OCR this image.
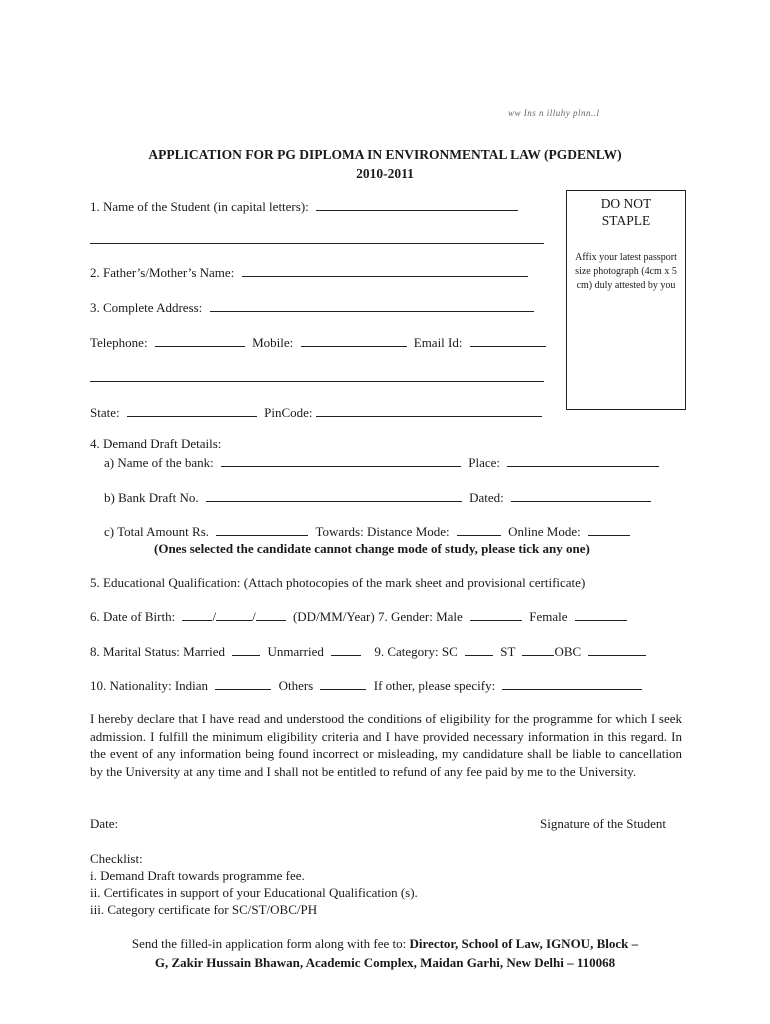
ww Ins n illuhy plnn..l
APPLICATION FOR PG DIPLOMA IN ENVIRONMENTAL LAW (PGDENLW)
2010-2011
DO NOT
STAPLE
Affix your latest passport size photograph (4cm x 5 cm) duly attested by you
1. Name of the Student (in capital letters):
2. Father’s/Mother’s Name:
3. Complete Address:
Telephone:	Mobile:	Email Id:
State:	PinCode:
4. Demand Draft Details:
a) Name of the bank:	Place:
b) Bank Draft No.	Dated:
c) Total Amount Rs.	Towards: Distance Mode:	Online Mode:
(Ones selected the candidate cannot change mode of study, please tick any one)
5. Educational Qualification: (Attach photocopies of the mark sheet and provisional certificate)
6. Date of Birth:	/	/	(DD/MM/Year) 7. Gender: Male	Female
8. Marital Status: Married	Unmarried	9. Category: SC	ST	OBC
10. Nationality: Indian	Others	If other, please specify:
I hereby declare that I have read and understood the conditions of eligibility for the programme for which I seek admission. I fulfill the minimum eligibility criteria and I have provided necessary information in this regard. In the event of any information being found incorrect or misleading, my candidature shall be liable to cancellation by the University at any time and I shall not be entitled to refund of any fee paid by me to the University.
Date:	Signature of the Student
Checklist:
i. Demand Draft towards programme fee.
ii. Certificates in support of your Educational Qualification (s).
iii. Category certificate for SC/ST/OBC/PH
Send the filled-in application form along with fee to: Director, School of Law, IGNOU, Block –
G, Zakir Hussain Bhawan, Academic Complex, Maidan Garhi, New Delhi – 110068
